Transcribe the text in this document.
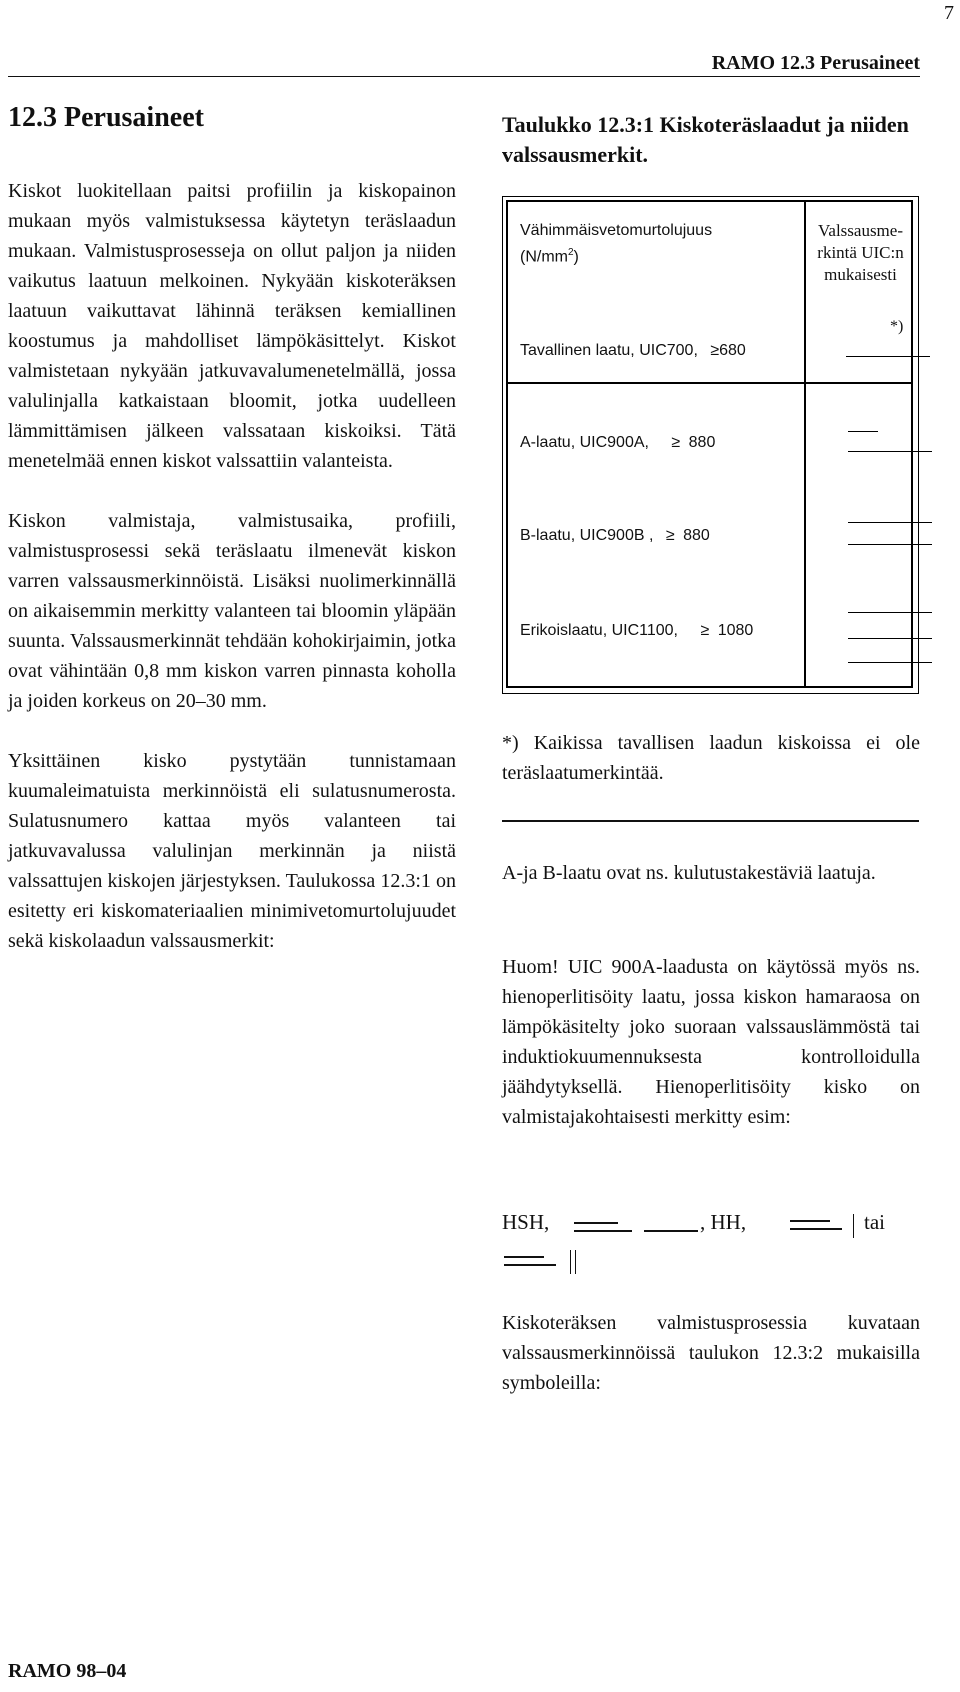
7
RAMO 12.3 Perusaineet
12.3 Perusaineet

Kiskot luokitellaan paitsi profiilin ja kiskopainon mukaan myös valmistuksessa käytetyn teräslaadun mukaan. Valmistusprosesseja on ollut paljon ja niiden vaikutus laatuun melkoinen. Nykyään kiskoteräksen laatuun vaikuttavat lähinnä teräksen kemiallinen koostumus ja mahdolliset lämpökäsittelyt. Kiskot valmistetaan nykyään jatkuvavalumenetelmällä, jossa valulinjalla katkaistaan bloomit, jotka uudelleen lämmittämisen jälkeen valssataan kiskoiksi. Tätä menetelmää ennen kiskot valssattiin valanteista.

Kiskon valmistaja, valmistusaika, profiili, valmistusprosessi sekä teräslaatu ilmenevät kiskon varren valssausmerkinnöistä. Lisäksi nuolimerkinnällä on aikaisemmin merkitty valanteen tai bloomin yläpään suunta. Valssausmerkinnät tehdään kohokirjaimin, jotka ovat vähintään 0,8 mm kiskon varren pinnasta koholla ja joiden korkeus on 20–30 mm.

Yksittäinen kisko pystytään tunnistamaan kuumaleimatuista merkinnöistä eli sulatusnumerosta. Sulatusnumero kattaa myös valanteen tai jatkuvavalussa valulinjan merkinnän ja niistä valssattujen kiskojen järjestyksen. Taulukossa 12.3:1 on esitetty eri kiskomateriaalien minimivetomurtolujuudet sekä kiskolaadun valssausmerkit:

Taulukko 12.3:1 Kiskoteräslaadut ja niiden valssausmerkit.
Vähimmäisvetomurtolujuus
$(N/mm^2)$
Valssausme-
rkintä UIC:n
mukaisesti
Tavallinen laatu, UIC700, ≥680
*)
A-laatu, UIC900A, ≥ 880
B-laatu, UIC900B , ≥ 880
Erikoislaatu, UIC1100, ≥ 1080

*) Kaikissa tavallisen laadun kiskoissa ei ole teräslaatumerkintää.

A-ja B-laatu ovat ns. kulutustakestäviä laatuja.

Huom! UIC 900A-laadusta on käytössä myös ns. hienoperlitisöity laatu, jossa kiskon hamaraosa on lämpökäsitelty joko suoraan valssauslämmöstä tai induktiokuumennuksesta kontrolloidulla jäähdytyksellä. Hienoperlitisöity kisko on valmistajakohtaisesti merkitty esim:

HSH,	, HH,	tai

Kiskoteräksen valmistusprosessia kuvataan valssausmerkinnöissä taulukon 12.3:2 mukaisilla symboleilla:

RAMO 98–04
